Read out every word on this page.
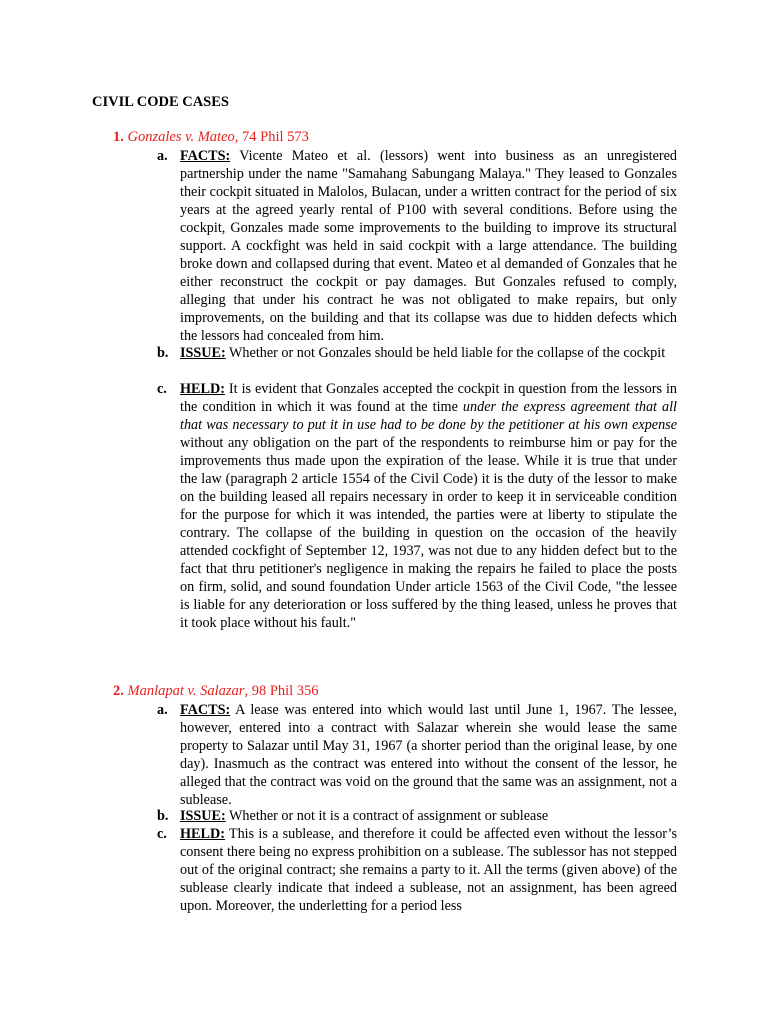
CIVIL CODE CASES
1. Gonzales v. Mateo, 74 Phil 573
a. FACTS: Vicente Mateo et al. (lessors) went into business as an unregistered partnership under the name "Samahang Sabungang Malaya." They leased to Gonzales their cockpit situated in Malolos, Bulacan, under a written contract for the period of six years at the agreed yearly rental of P100 with several conditions. Before using the cockpit, Gonzales made some improvements to the building to improve its structural support. A cockfight was held in said cockpit with a large attendance. The building broke down and collapsed during that event. Mateo et al demanded of Gonzales that he either reconstruct the cockpit or pay damages. But Gonzales refused to comply, alleging that under his contract he was not obligated to make repairs, but only improvements, on the building and that its collapse was due to hidden defects which the lessors had concealed from him.
b. ISSUE: Whether or not Gonzales should be held liable for the collapse of the cockpit
c. HELD: It is evident that Gonzales accepted the cockpit in question from the lessors in the condition in which it was found at the time under the express agreement that all that was necessary to put it in use had to be done by the petitioner at his own expense without any obligation on the part of the respondents to reimburse him or pay for the improvements thus made upon the expiration of the lease. While it is true that under the law (paragraph 2 article 1554 of the Civil Code) it is the duty of the lessor to make on the building leased all repairs necessary in order to keep it in serviceable condition for the purpose for which it was intended, the parties were at liberty to stipulate the contrary. The collapse of the building in question on the occasion of the heavily attended cockfight of September 12, 1937, was not due to any hidden defect but to the fact that thru petitioner's negligence in making the repairs he failed to place the posts on firm, solid, and sound foundation Under article 1563 of the Civil Code, "the lessee is liable for any deterioration or loss suffered by the thing leased, unless he proves that it took place without his fault."
2. Manlapat v. Salazar, 98 Phil 356
a. FACTS: A lease was entered into which would last until June 1, 1967. The lessee, however, entered into a contract with Salazar wherein she would lease the same property to Salazar until May 31, 1967 (a shorter period than the original lease, by one day). Inasmuch as the contract was entered into without the consent of the lessor, he alleged that the contract was void on the ground that the same was an assignment, not a sublease.
b. ISSUE: Whether or not it is a contract of assignment or sublease
c. HELD: This is a sublease, and therefore it could be affected even without the lessor’s consent there being no express prohibition on a sublease. The sublessor has not stepped out of the original contract; she remains a party to it. All the terms (given above) of the sublease clearly indicate that indeed a sublease, not an assignment, has been agreed upon. Moreover, the underletting for a period less
